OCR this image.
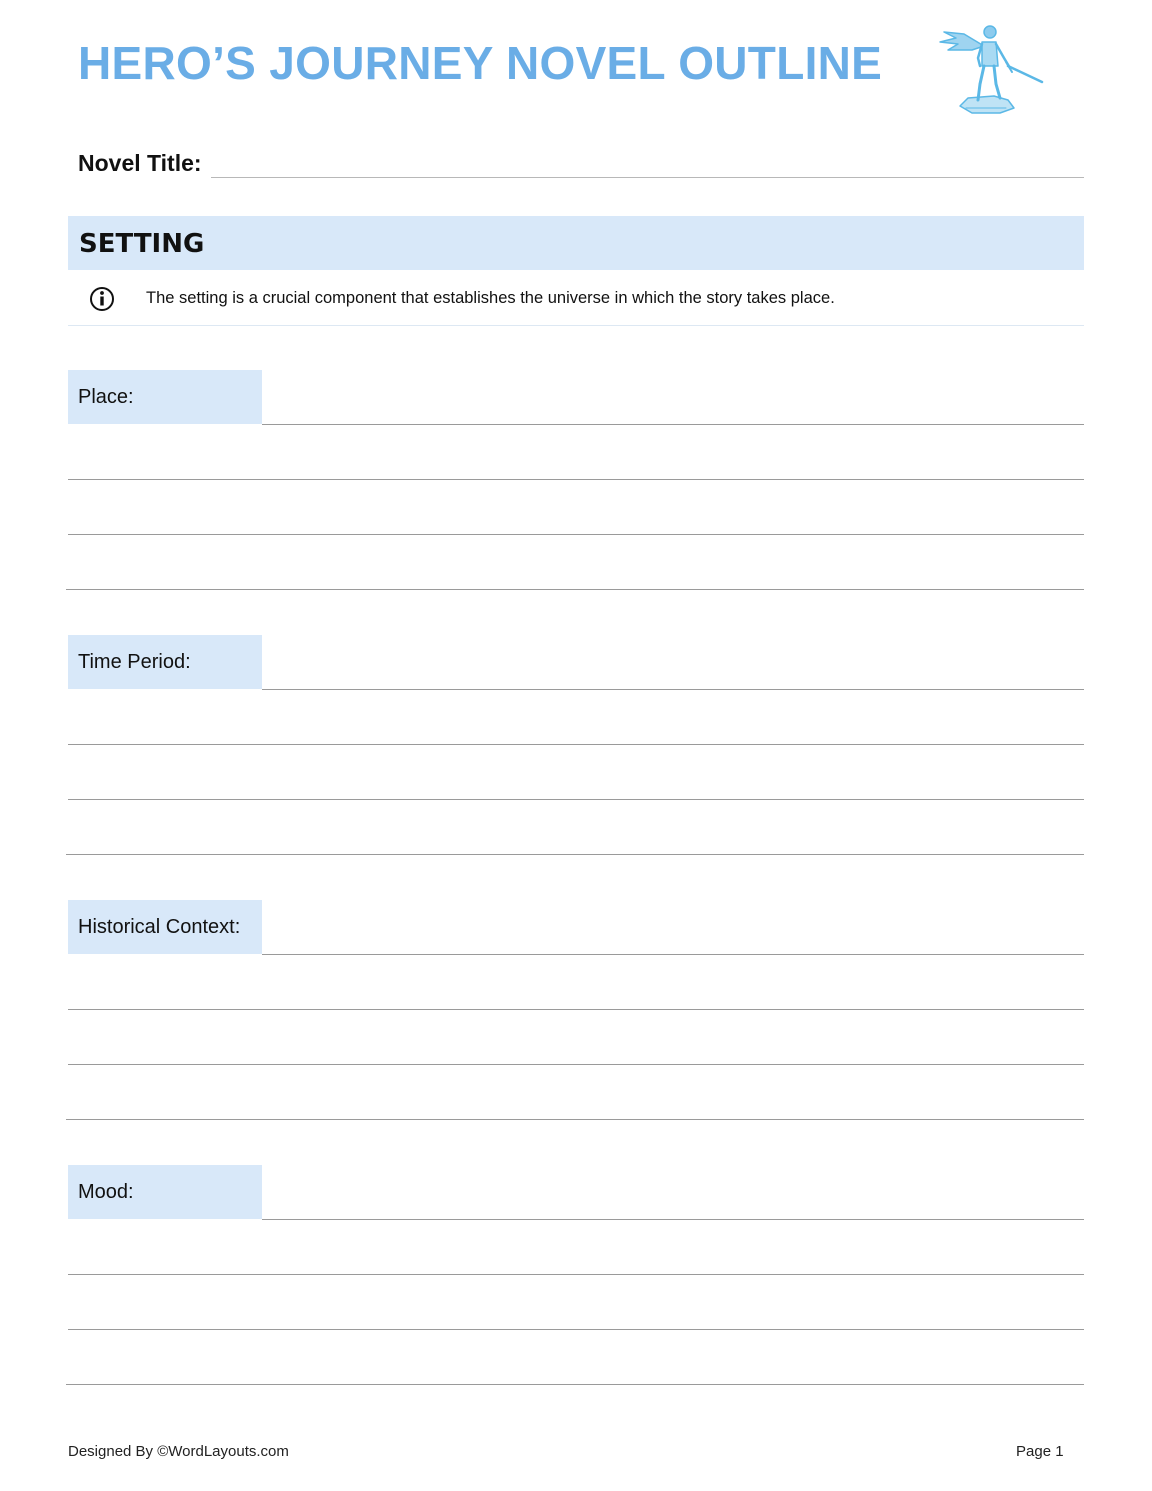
HERO’S JOURNEY NOVEL OUTLINE
Novel Title:
SETTING
The setting is a crucial component that establishes the universe in which the story takes place.
Place:
Time Period:
Historical Context:
Mood:
Designed By ©WordLayouts.com	Page 1
